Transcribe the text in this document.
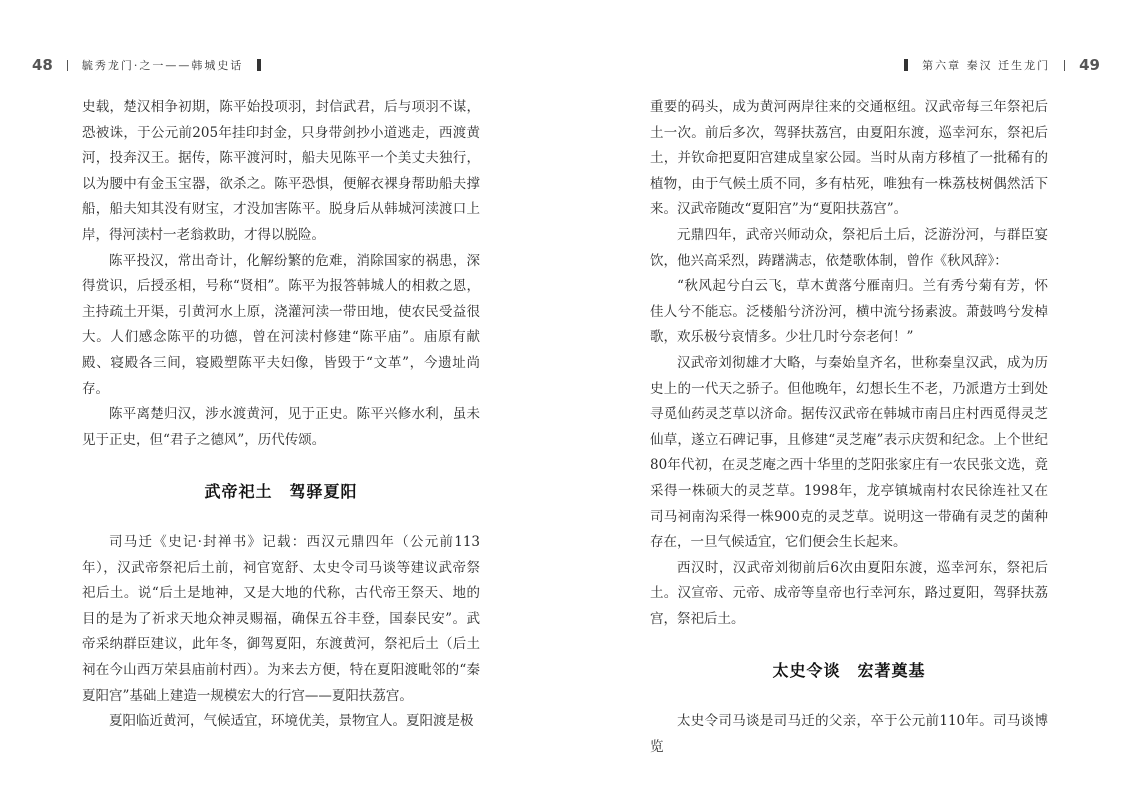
48	毓秀龙门·之一——韩城史话

史载，楚汉相争初期，陈平始投项羽，封信武君，后与项羽不谋，恐被诛，于公元前205年挂印封金，只身带剑抄小道逃走，西渡黄河，投奔汉王。据传，陈平渡河时，船夫见陈平一个美丈夫独行，以为腰中有金玉宝器，欲杀之。陈平恐惧，便解衣裸身帮助船夫撑船，船夫知其没有财宝，才没加害陈平。脱身后从韩城河渎渡口上岸，得河渎村一老翁救助，才得以脱险。

陈平投汉，常出奇计，化解纷繁的危难，消除国家的祸患，深得赏识，后授丞相，号称“贤相”。陈平为报答韩城人的相救之恩，主持疏土开渠，引黄河水上原，浇灌河渎一带田地，使农民受益很大。人们感念陈平的功德，曾在河渎村修建“陈平庙”。庙原有献殿、寝殿各三间，寝殿塑陈平夫妇像，皆毁于“文革”，今遗址尚存。

陈平离楚归汉，涉水渡黄河，见于正史。陈平兴修水利，虽未见于正史，但“君子之德风”，历代传颂。

武帝祀土　驾驿夏阳

司马迁《史记·封禅书》记载：西汉元鼎四年（公元前113年），汉武帝祭祀后土前，祠官宽舒、太史令司马谈等建议武帝祭祀后土。说“后土是地神，又是大地的代称，古代帝王祭天、地的目的是为了祈求天地众神灵赐福，确保五谷丰登，国泰民安”。武帝采纳群臣建议，此年冬，御驾夏阳，东渡黄河，祭祀后土（后土祠在今山西万荣县庙前村西）。为来去方便，特在夏阳渡毗邻的“秦夏阳宫”基础上建造一规模宏大的行宫——夏阳扶荔宫。

夏阳临近黄河，气候适宜，环境优美，景物宜人。夏阳渡是极

第六章 秦汉 迁生龙门 49

重要的码头，成为黄河两岸往来的交通枢纽。汉武帝每三年祭祀后土一次。前后多次，驾驿扶荔宫，由夏阳东渡，巡幸河东，祭祀后土，并钦命把夏阳宫建成皇家公园。当时从南方移植了一批稀有的植物，由于气候土质不同，多有枯死，唯独有一株荔枝树偶然活下来。汉武帝随改“夏阳宫”为“夏阳扶荔宫”。

元鼎四年，武帝兴师动众，祭祀后土后，泛游汾河，与群臣宴饮，他兴高采烈，踌躇满志，依楚歌体制，曾作《秋风辞》：

“秋风起兮白云飞，草木黄落兮雁南归。兰有秀兮菊有芳，怀佳人兮不能忘。泛楼船兮济汾河，横中流兮扬素波。萧鼓鸣兮发棹歌，欢乐极兮哀情多。少壮几时兮奈老何！”

汉武帝刘彻雄才大略，与秦始皇齐名，世称秦皇汉武，成为历史上的一代天之骄子。但他晚年，幻想长生不老，乃派遣方士到处寻觅仙药灵芝草以济命。据传汉武帝在韩城市南吕庄村西觅得灵芝仙草，遂立石碑记事，且修建“灵芝庵”表示庆贺和纪念。上个世纪80年代初，在灵芝庵之西十华里的芝阳张家庄有一农民张文选，竟采得一株硕大的灵芝草。1998年，龙亭镇城南村农民徐连社又在司马祠南沟采得一株900克的灵芝草。说明这一带确有灵芝的菌种存在，一旦气候适宜，它们便会生长起来。

西汉时，汉武帝刘彻前后6次由夏阳东渡，巡幸河东，祭祀后土。汉宣帝、元帝、成帝等皇帝也行幸河东，路过夏阳，驾驿扶荔宫，祭祀后土。

太史令谈　宏著奠基

太史令司马谈是司马迁的父亲，卒于公元前110年。司马谈博览
